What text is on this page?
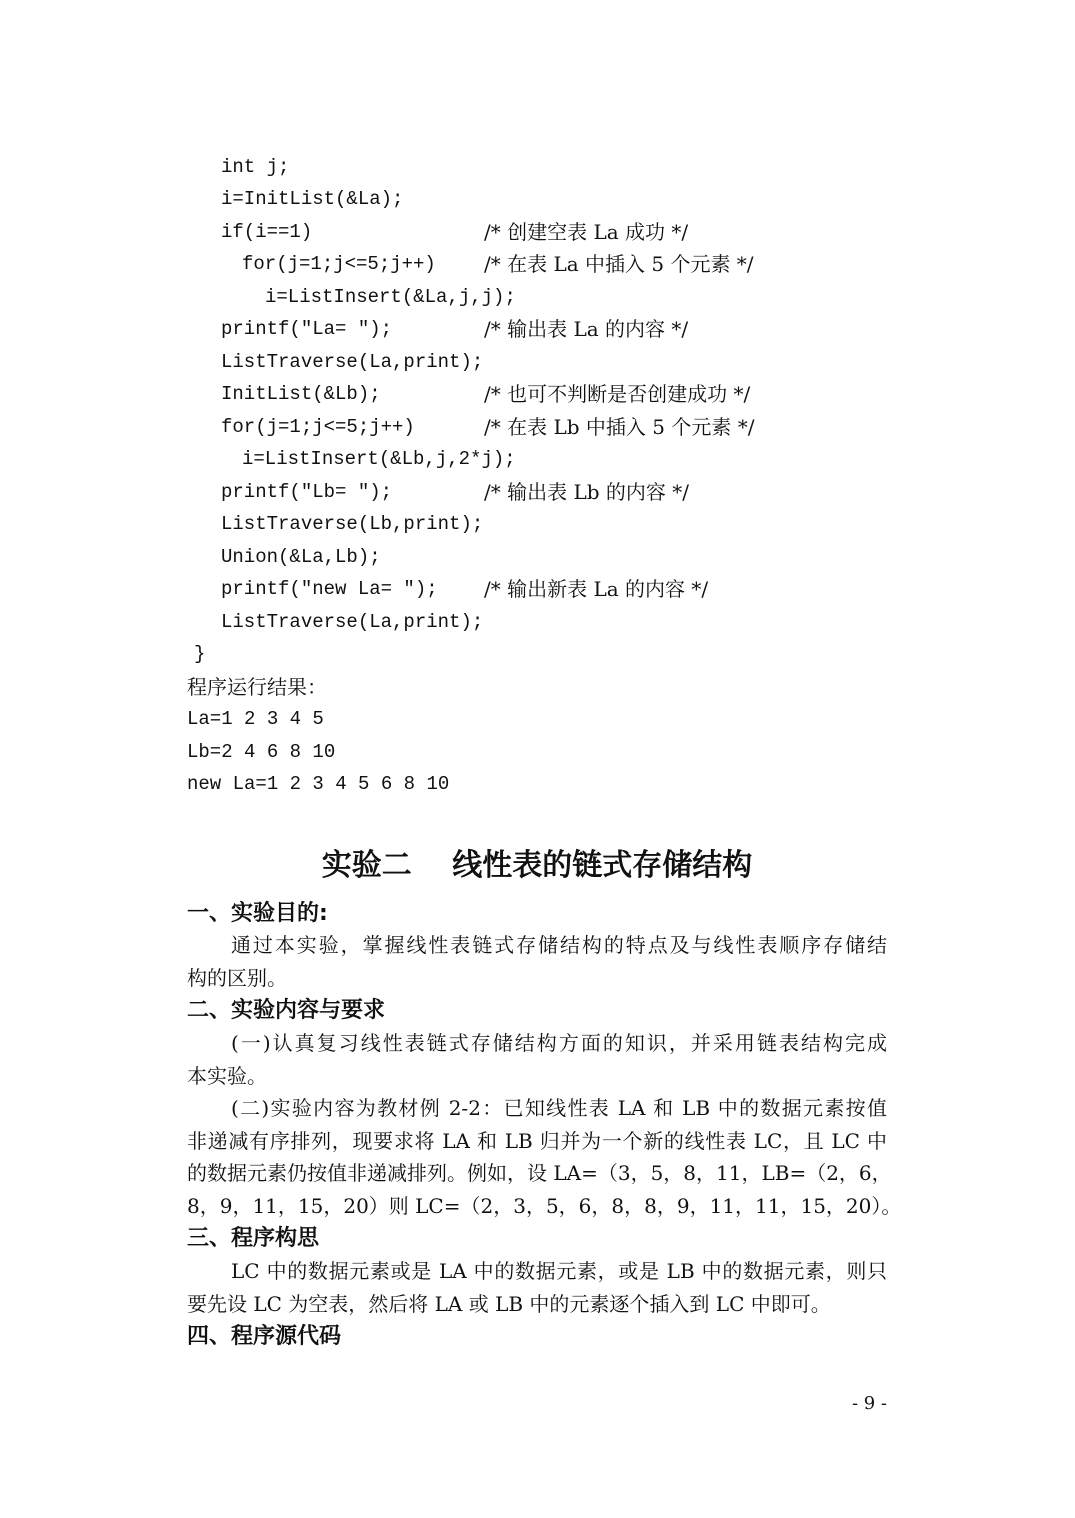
int j;
i=InitList(&La);
if(i==1)	/* 创建空表 La 成功 */
for(j=1;j<=5;j++) /* 在表 La 中插入 5 个元素 */
i=ListInsert(&La,j,j);
printf("La= ");	/* 输出表 La 的内容 */
ListTraverse(La,print);
InitList(&Lb);	/* 也可不判断是否创建成功 */
for(j=1;j<=5;j++)	/* 在表 Lb 中插入 5 个元素 */
i=ListInsert(&Lb,j,2*j);
printf("Lb= ");	/* 输出表 Lb 的内容 */
ListTraverse(Lb,print);
Union(&La,Lb);
printf("new La= "); /* 输出新表 La 的内容 */
ListTraverse(La,print);
}
程序运行结果：
La=1 2 3 4 5
Lb=2 4 6 8 10
new La=1 2 3 4 5 6 8 10
实验二　 线性表的链式存储结构
一、实验目的:
通过本实验，掌握线性表链式存储结构的特点及与线性表顺序存储结
构的区别。
二、实验内容与要求
(一)认真复习线性表链式存储结构方面的知识，并采用链表结构完成
本实验。
(二)实验内容为教材例 2-2：已知线性表 LA 和 LB 中的数据元素按值
非递减有序排列，现要求将 LA 和 LB 归并为一个新的线性表 LC，且 LC 中
的数据元素仍按值非递减排列。例如，设 LA=（3，5，8，11，LB=（2，6，
8，9，11，15，20）则 LC=（2，3，5，6，8，8，9，11，11，15，20）。
三、程序构思
LC 中的数据元素或是 LA 中的数据元素，或是 LB 中的数据元素，则只
要先设 LC 为空表，然后将 LA 或 LB 中的元素逐个插入到 LC 中即可。
四、程序源代码
- 9 -
